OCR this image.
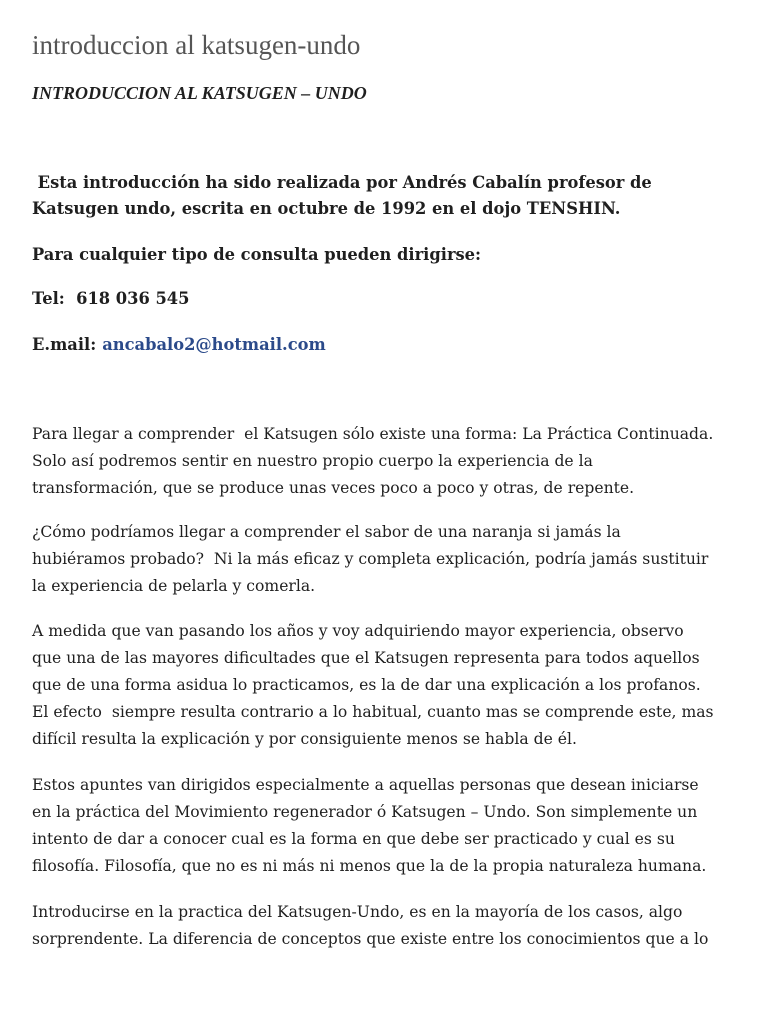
introduccion al katsugen-undo
INTRODUCCION AL KATSUGEN – UNDO

Esta introducción ha sido realizada por Andrés Cabalín profesor de
Katsugen undo, escrita en octubre de 1992 en el dojo TENSHIN.

Para cualquier tipo de consulta pueden dirigirse:

Tel:  618 036 545

E.mail: ancabalo2@hotmail.com

Para llegar a comprender  el Katsugen sólo existe una forma: La Práctica Continuada.
Solo así podremos sentir en nuestro propio cuerpo la experiencia de la
transformación, que se produce unas veces poco a poco y otras, de repente.

¿Cómo podríamos llegar a comprender el sabor de una naranja si jamás la
hubiéramos probado?  Ni la más eficaz y completa explicación, podría jamás sustituir
la experiencia de pelarla y comerla.

A medida que van pasando los años y voy adquiriendo mayor experiencia, observo
que una de las mayores dificultades que el Katsugen representa para todos aquellos
que de una forma asidua lo practicamos, es la de dar una explicación a los profanos.
El efecto  siempre resulta contrario a lo habitual, cuanto mas se comprende este, mas
difícil resulta la explicación y por consiguiente menos se habla de él.

Estos apuntes van dirigidos especialmente a aquellas personas que desean iniciarse
en la práctica del Movimiento regenerador ó Katsugen – Undo. Son simplemente un
intento de dar a conocer cual es la forma en que debe ser practicado y cual es su
filosofía. Filosofía, que no es ni más ni menos que la de la propia naturaleza humana.

Introducirse en la practica del Katsugen-Undo, es en la mayoría de los casos, algo
sorprendente. La diferencia de conceptos que existe entre los conocimientos que a lo
